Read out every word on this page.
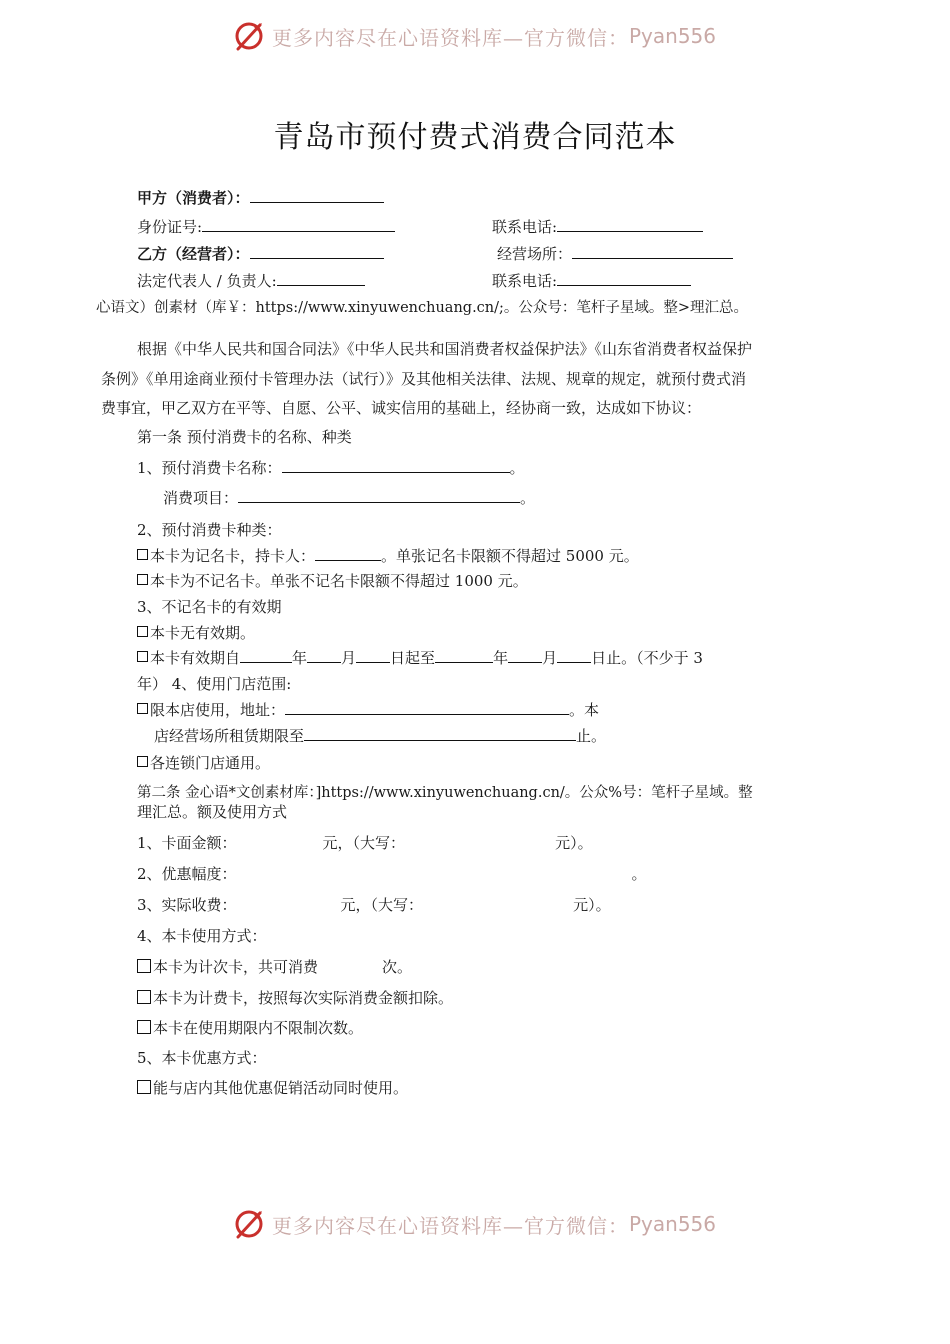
更多内容尽在心语资料库—官方微信： Pyan556
青岛市预付费式消费合同范本
甲方（消费者）：
身份证号:	联系电话:
乙方（经营者）：	经营场所：
法定代表人 / 负责人:	联系电话:
心语文）创素材（库￥：https://www.xinyuwenchuang.cn/;。公众号：笔杆子星域。整>理汇总。
根据《中华人民共和国合同法》《中华人民共和国消费者权益保护法》《山东省消费者权益保护
条例》《单用途商业预付卡管理办法（试行）》及其他相关法律、法规、规章的规定，就预付费式消
费事宜，甲乙双方在平等、自愿、公平、诚实信用的基础上，经协商一致，达成如下协议：
第一条 预付消费卡的名称、种类
1、预付消费卡名称：	。
消费项目：	。
2、预付消费卡种类：
本卡为记名卡，持卡人：	。单张记名卡限额不得超过 5000 元。
本卡为不记名卡。单张不记名卡限额不得超过 1000 元。
3、不记名卡的有效期
本卡无有效期。
本卡有效期自	年 月 日起至	年 月 日止。（不少于 3
年） 4、使用门店范围:
限本店使用，地址：	。本
店经营场所租赁期限至	止。
各连锁门店通用。
第二条 金心语*文创素材库：]https://www.xinyuwenchuang.cn/。公众%号：笔杆子星域。整
理汇总。额及使用方式
1、卡面金额：	元，（大写：	元）。
2、优惠幅度：	。
3、实际收费：	元，（大写：	元）。
4、本卡使用方式：
本卡为计次卡，共可消费	次。
本卡为计费卡，按照每次实际消费金额扣除。
本卡在使用期限内不限制次数。
5、本卡优惠方式：
能与店内其他优惠促销活动同时使用。
更多内容尽在心语资料库—官方微信： Pyan556
